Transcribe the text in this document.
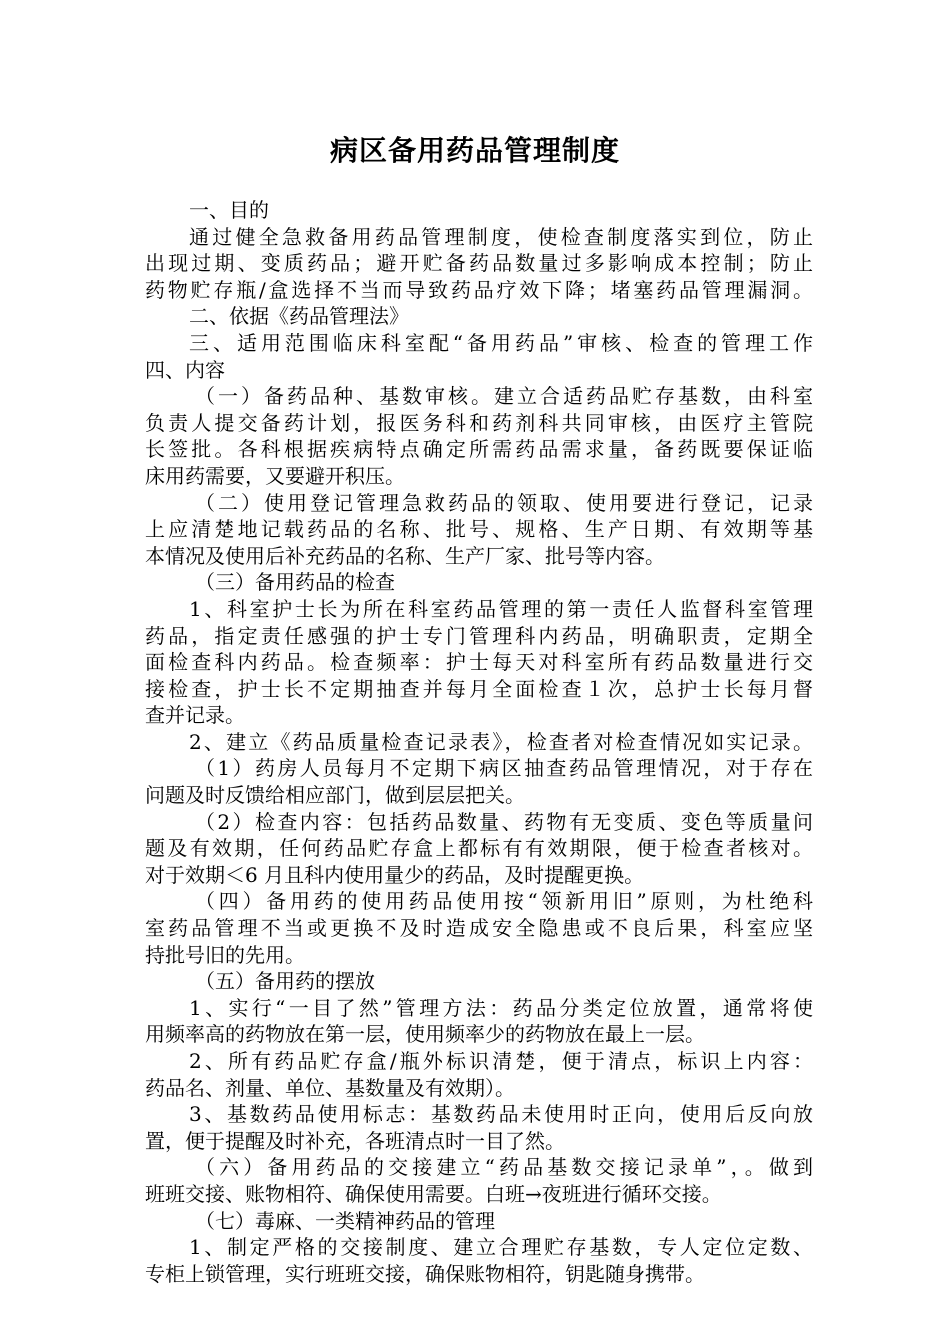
病区备用药品管理制度
一、目的
通过健全急救备用药品管理制度，使检查制度落实到位，防止
出现过期、变质药品；避开贮备药品数量过多影响成本控制；防止
药物贮存瓶/盒选择不当而导致药品疗效下降；堵塞药品管理漏洞。
二、依据《药品管理法》
三、适用范围临床科室配“备用药品”审核、检查的管理工作
四、内容
（一）备药品种、基数审核。建立合适药品贮存基数，由科室
负责人提交备药计划，报医务科和药剂科共同审核，由医疗主管院
长签批。各科根据疾病特点确定所需药品需求量，备药既要保证临
床用药需要，又要避开积压。
（二）使用登记管理急救药品的领取、使用要进行登记，记录
上应清楚地记载药品的名称、批号、规格、生产日期、有效期等基
本情况及使用后补充药品的名称、生产厂家、批号等内容。
（三）备用药品的检查
1、科室护士长为所在科室药品管理的第一责任人监督科室管理
药品，指定责任感强的护士专门管理科内药品，明确职责，定期全
面检查科内药品。检查频率：护士每天对科室所有药品数量进行交
接检查，护士长不定期抽查并每月全面检查１次，总护士长每月督
查并记录。
2、建立《药品质量检查记录表》，检查者对检查情况如实记录。
（1）药房人员每月不定期下病区抽查药品管理情况，对于存在
问题及时反馈给相应部门，做到层层把关。
（2）检查内容：包括药品数量、药物有无变质、变色等质量问
题及有效期，任何药品贮存盒上都标有有效期限，便于检查者核对。
对于效期＜6 月且科内使用量少的药品，及时提醒更换。
（四）备用药的使用药品使用按“领新用旧”原则，为杜绝科
室药品管理不当或更换不及时造成安全隐患或不良后果，科室应坚
持批号旧的先用。
（五）备用药的摆放
1、实行“一目了然”管理方法：药品分类定位放置，通常将使
用频率高的药物放在第一层，使用频率少的药物放在最上一层。
2、所有药品贮存盒/瓶外标识清楚，便于清点，标识上内容：
药品名、剂量、单位、基数量及有效期）。
3、基数药品使用标志：基数药品未使用时正向，使用后反向放
置，便于提醒及时补充，各班清点时一目了然。
（六）备用药品的交接建立“药品基数交接记录单”，。做到
班班交接、账物相符、确保使用需要。白班→夜班进行循环交接。
（七）毒麻、一类精神药品的管理
1、制定严格的交接制度、建立合理贮存基数，专人定位定数、
专柜上锁管理，实行班班交接，确保账物相符，钥匙随身携带。
